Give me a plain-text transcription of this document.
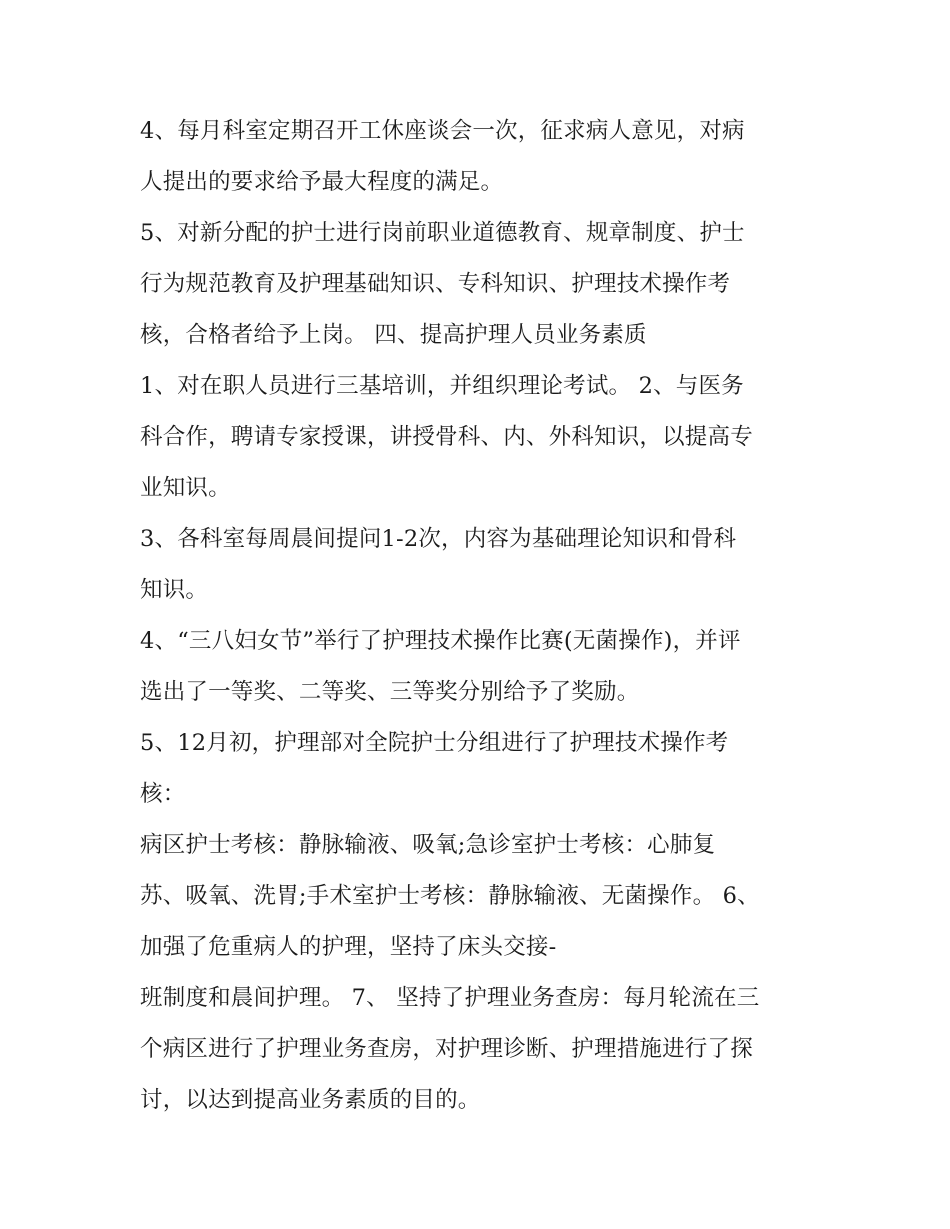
4、每月科室定期召开工休座谈会一次，征求病人意见，对病
人提出的要求给予最大程度的满足。
5、对新分配的护士进行岗前职业道德教育、规章制度、护士
行为规范教育及护理基础知识、专科知识、护理技术操作考
核，合格者给予上岗。 四、提高护理人员业务素质
1、对在职人员进行三基培训，并组织理论考试。 2、与医务
科合作，聘请专家授课，讲授骨科、内、外科知识，以提高专
业知识。
3、各科室每周晨间提问1-2次，内容为基础理论知识和骨科
知识。
4、“三八妇女节”举行了护理技术操作比赛(无菌操作)，并评
选出了一等奖、二等奖、三等奖分别给予了奖励。
5、12月初，护理部对全院护士分组进行了护理技术操作考
核：
病区护士考核：静脉输液、吸氧;急诊室护士考核：心肺复
苏、吸氧、洗胃;手术室护士考核：静脉输液、无菌操作。 6、
加强了危重病人的护理，坚持了床头交接-
班制度和晨间护理。 7、 坚持了护理业务查房：每月轮流在三
个病区进行了护理业务查房，对护理诊断、护理措施进行了探
讨，以达到提高业务素质的目的。
